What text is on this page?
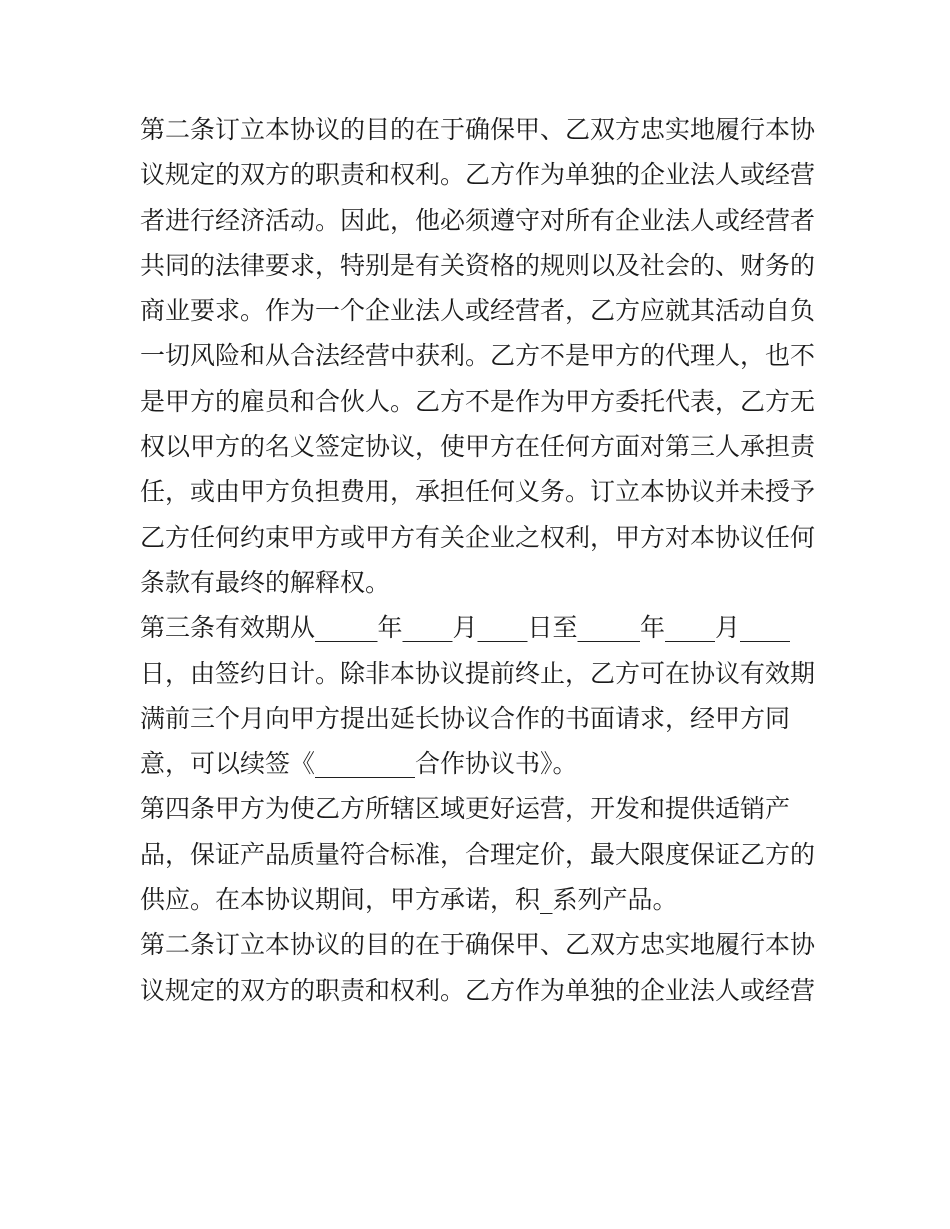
第二条订立本协议的目的在于确保甲、乙双方忠实地履行本协
议规定的双方的职责和权利。乙方作为单独的企业法人或经营
者进行经济活动。因此，他必须遵守对所有企业法人或经营者
共同的法律要求，特别是有关资格的规则以及社会的、财务的
商业要求。作为一个企业法人或经营者，乙方应就其活动自负
一切风险和从合法经营中获利。乙方不是甲方的代理人，也不
是甲方的雇员和合伙人。乙方不是作为甲方委托代表，乙方无
权以甲方的名义签定协议，使甲方在任何方面对第三人承担责
任，或由甲方负担费用，承担任何义务。订立本协议并未授予
乙方任何约束甲方或甲方有关企业之权利，甲方对本协议任何
条款有最终的解释权。
第三条有效期从_____年____月____日至_____年____月____
日，由签约日计。除非本协议提前终止，乙方可在协议有效期
满前三个月向甲方提出延长协议合作的书面请求，经甲方同
意，可以续签《________合作协议书》。
第四条甲方为使乙方所辖区域更好运营，开发和提供适销产
品，保证产品质量符合标准，合理定价，最大限度保证乙方的
供应。在本协议期间，甲方承诺，积_系列产品。
第二条订立本协议的目的在于确保甲、乙双方忠实地履行本协
议规定的双方的职责和权利。乙方作为单独的企业法人或经营
